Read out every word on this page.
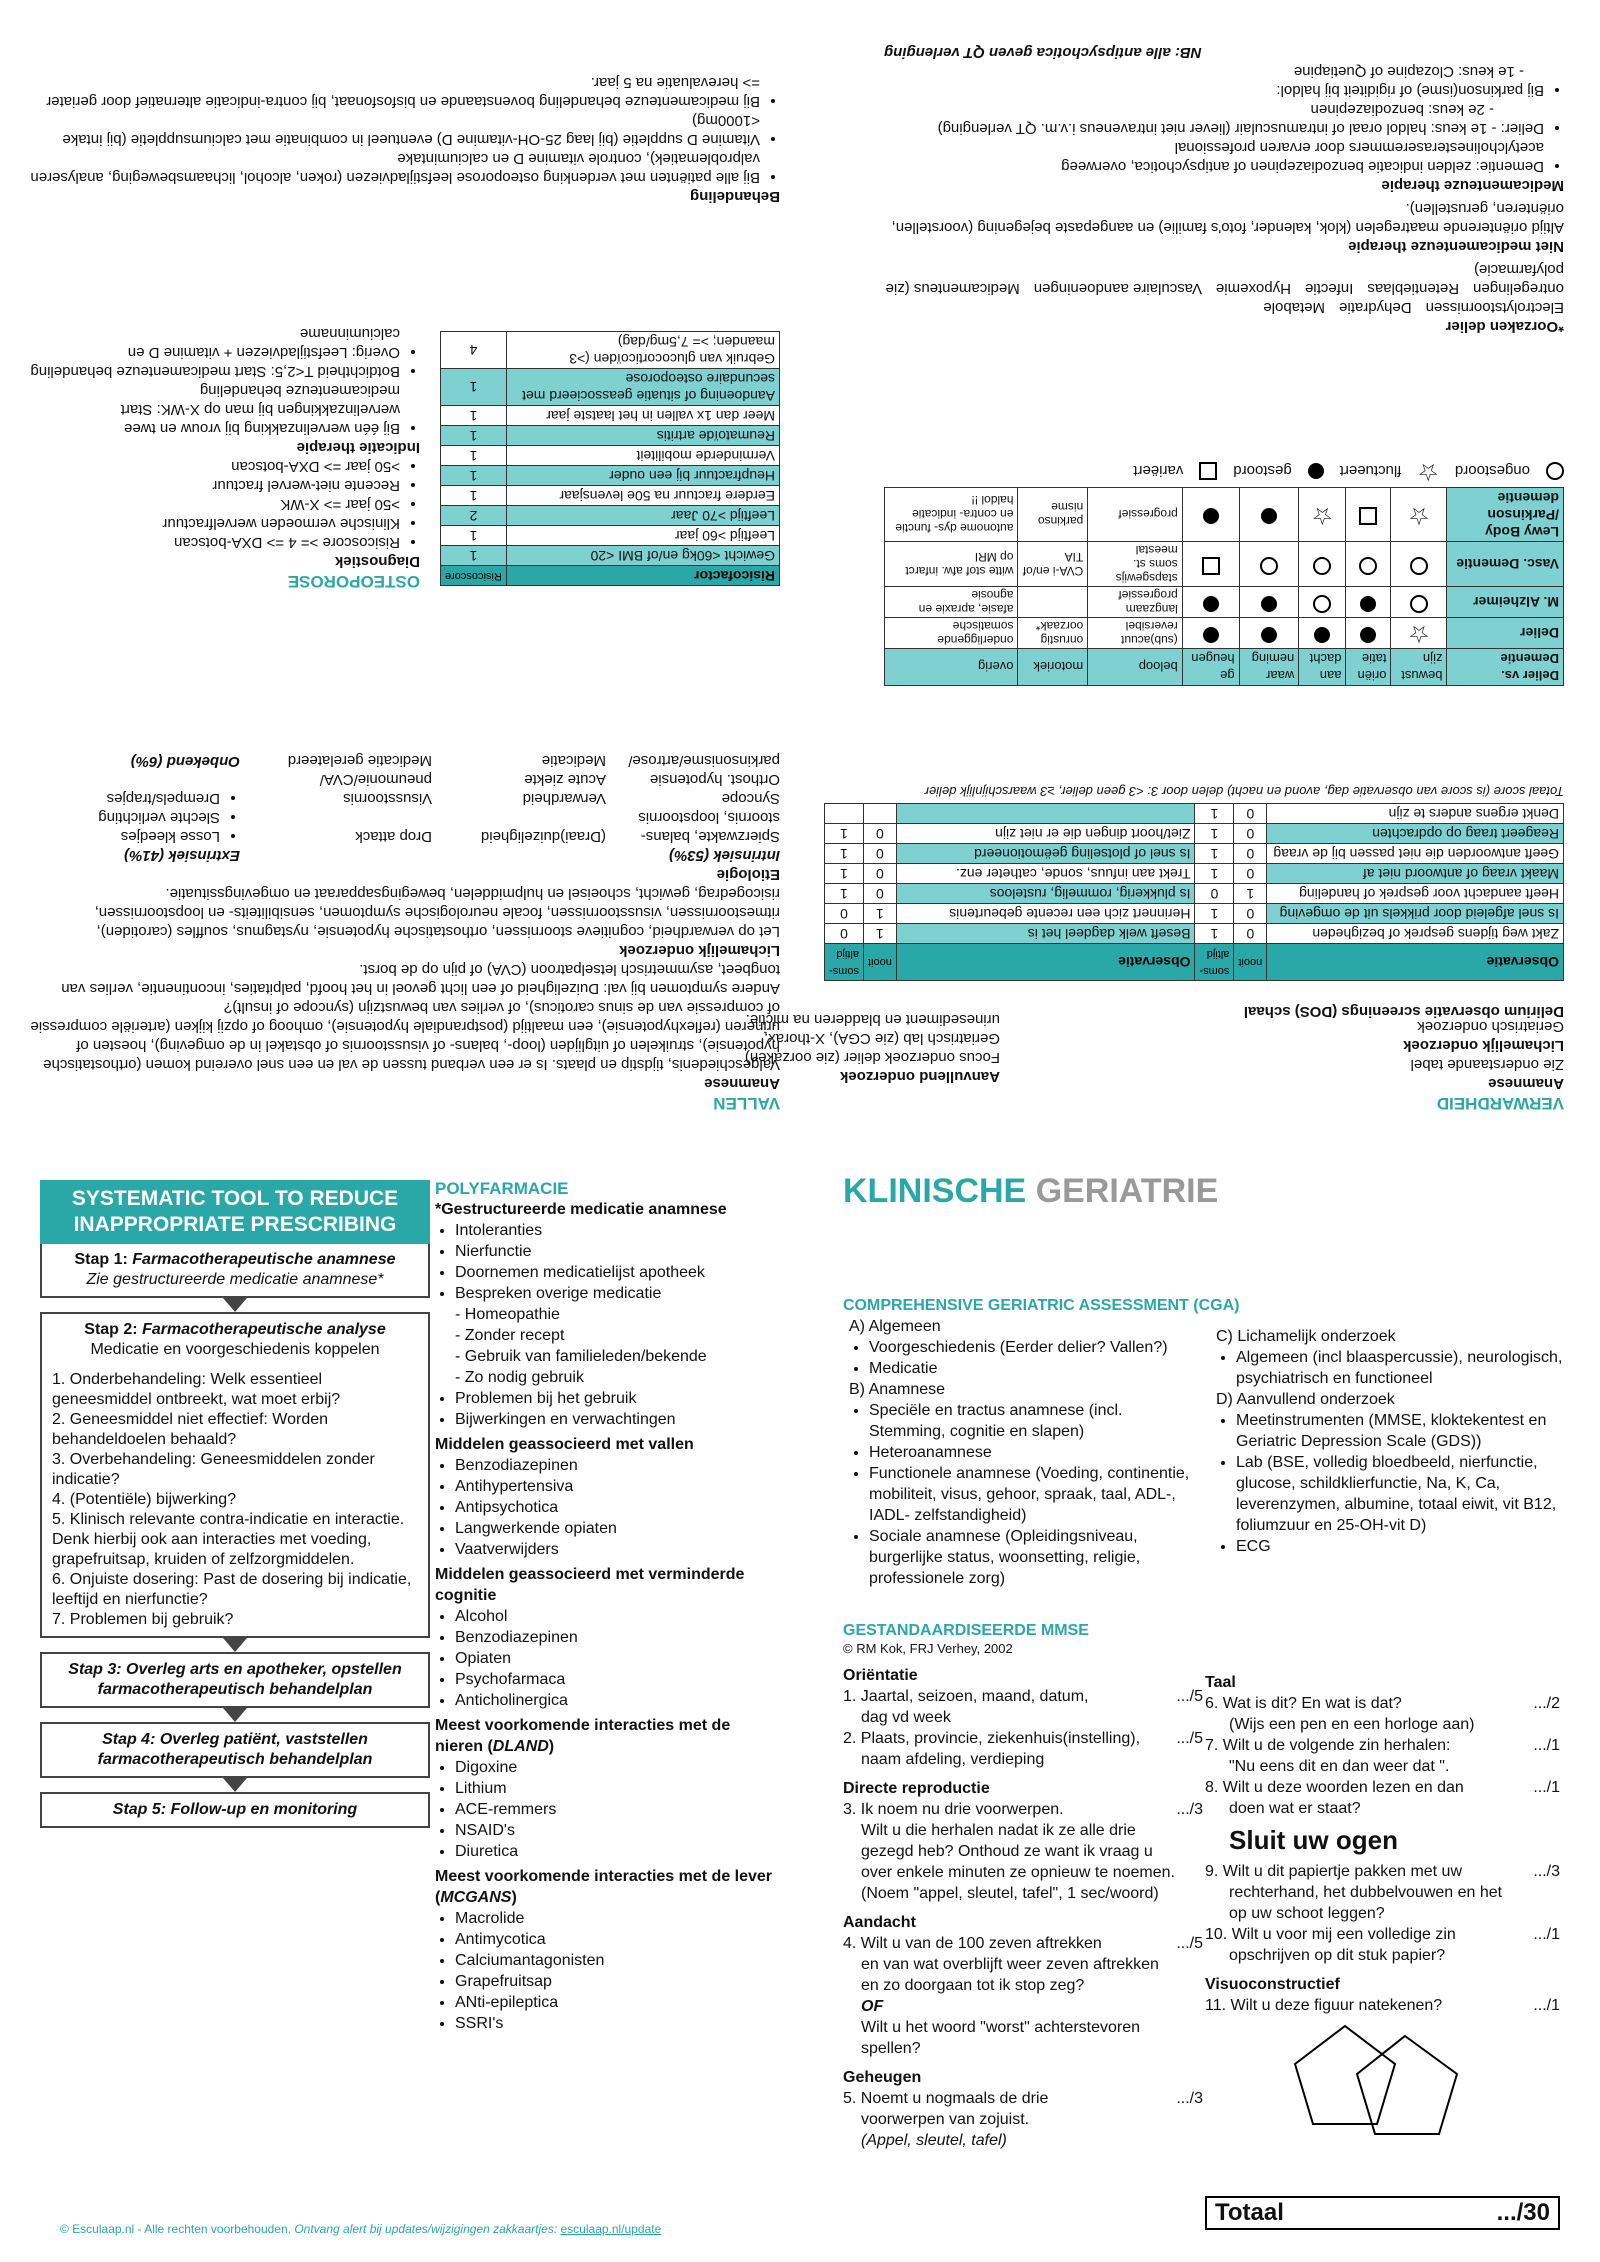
VERWARDHEID
Anamnese
Zie onderstaande tabel
Lichamelijk onderzoek
Geriatrisch onderzoek
Aanvullend onderzoek
Focus onderzoek delier (zie oorzaken)
Geriatrisch lab (zie CGA), X-thorax,
urinesediment en bladderen na mictie.	Delirium observatie screenings (DOS) schaal
Observatie	nooit	soms-altijd	Observatie	nooit	soms-altijd
Zakt weg tijdens gesprek of bezigheden	0	1	Beseft welk dagdeel het is	1	0
Is snel afgeleid door prikkels uit de omgeving	0	1	Herinnert zich een recente gebeurtenis	1	0
Heeft aandacht voor gesprek of handeling	1	0	Is plukkerig, rommelig, rusteloos	0	1
Maakt vraag of antwoord niet af	0	1	Trekt aan infuus, sonde, catheter enz.	0	1
Geeft antwoorden die niet passen bij de vraag	0	1	Is snel of plotseling geëmotioneerd	0	1
Reageert traag op opdrachten	0	1	Ziet/hoort dingen die er niet zijn	0	1
Denkt ergens anders te zijn	0	1			
Totaal score (is score van observatie dag, avond en nacht) delen door 3: <3 geen delier, ≥3 waarschijnlijk delier
Delier vs. Dementie	bewust zijn	oriën tatie	aan dacht	waar neming	ge heugen	beloop	motoriek	overig
Delier	☆					(sub)acuut reversibel	onrustig oorzaak*	onderliggende somatische
M. Alzheimer						langzaam progressief		afasie, apraxie en agnosie
Vasc. Dementie						stapsgewijs soms st. meestal	CVA-i en/of TIA	witte stof afw. infarct op MRI
Lewy Body /Parkinson dementie	☆		☆			progressief	parkinso nisme	autonome dys- functie en contra- indicatie haldol !!
ongestoord
☆
fluctueert
gestoord
variëert
*Oorzaken delier
ElectrolytstoornissenDehydratieMetabole ontregelingenRetentieblaasInfectieHypoxemieVasculaire aandoeningenMedicamenteus (zie polyfarmacie)
Niet medicamenteuze therapie
Altijd oriënterende maatregelen (klok, kalender, foto's familie) en aangepaste bejegening (voorstellen, oriënteren, gerustellen).
Medicamenteuze therapie
• Dementie: zelden indicatie benzodiazepinen of antipsychotica, overweeg acetylcholinesteraseremmers door ervaren professional
• Delier: - 1e keus: haldol oraal of intramusculair (liever niet intraveneus i.v.m. QT verlenging)
- 2e keus: benzodiazepinen
• Bij parkinson(isme) of rigiditeit bij haldol:
- 1e keus: Clozapine of Quetiapine
NB: alle antipsychotica geven QT verlenging
VALLEN
Anamnese
Valgeschiedenis, tijdstip en plaats. Is er een verband tussen de val en een snel overeind komen (orthostatische hypotensie), struikelen of uitglijden (loop-, balans- of visusstoornis of obstakel in de omgeving), hoesten of urineren (reflexhypotensie), een maaltijd (postprandiale hypotensie), omhoog of opzij kijken (arteriële compressie of compressie van de sinus caroticus), of verlies van bewustzijn (syncope of insult)?
Andere symptomen bij val: Duizeligheid of een licht gevoel in het hoofd, palpitaties, incontinentie, verlies van tongbeet, asymmetrisch letselpatroon (CVA) of pijn op de borst.
Lichamelijk onderzoek
Let op verwardheid, cognitieve stoornissen, orthostatische hypotensie, nystagmus, souffles (carotiden), ritmestoornissen, visusstoornissen, focale neurologische symptomen, sensibiliteits- en loopstoornissen, risicogedrag, gewicht, schoeisel en hulpmiddelen, bewegingsapparaat en omgevingssituatie.
Etiologie
Intrinsiek (53%)
Spierzwakte, balans- stoornis, loopstoornis
(Draai)duizeligheid
Drop attack
Syncope
Verwardheid
Visusstoornis
Orthost. hypotensie
Acute ziekte
pneumonie/CVA/
parkinsonisme/artrose/
Medicatie
Medicatie gerelateerd
Extrinsiek (41%)
• Losse kleedjes
• Slechte verlichting
• Drempels/trapjes
Onbekend (6%)
OSTEOPOROSE
Diagnostiek
• Risicoscore >= 4 => DXA-botscan
• Klinische vermoeden wervelfractuur
• >50 jaar => X-WK
• Recente niet-wervel fractuur
• >50 jaar => DXA-botscan
Indicatie therapie
• Bij één wervelinzakking bij vrouw en twee wervelinzakkingen bij man op X-WK: Start medicamenteuze behandeling
• Botdichtheid T<2,5: Start medicamenteuze behandeling
• Overig: Leefstijladviezen + vitamine D en calciuminname
Risicofactor	Risicoscore
Gewicht <60kg en/of BMI <20	1
Leeftijd >60 jaar	1
Leeftijd >70 Jaar	2
Eerdere fractuur na 50e levensjaar	1
Heupfractuur bij een ouder	1
Verminderde mobiliteit	1
Reumatoïde artritis	1
Meer dan 1x vallen in het laatste jaar	1
Aandoening of situatie geassocieerd met secundaire osteoporose	1
Gebruik van glucocorticoïden (>3 maanden; >= 7,5mg/dag)	4
Behandeling
• Bij alle patiënten met verdenking osteoporose leefstijladviezen (roken, alcohol, lichaamsbeweging, analyseren valproblematiek), controle vitamine D en calciumintake
• Vitamine D suppletie (bij laag 25-OH-vitamine D) eventueel in combinatie met calciumsuppletie (bij intake <1000mg)
• Bij medicamenteuze behandeling bovenstaande en bisfosfonaat, bij contra-indicatie alternatief door geriater => herevaluatie na 5 jaar.
SYSTEMATIC TOOL TO REDUCE INAPPROPRIATE PRESCRIBING
Stap 1: Farmacotherapeutische anamnese
Zie gestructureerde medicatie anamnese*
Stap 2: Farmacotherapeutische analyse
Medicatie en voorgeschiedenis koppelen
1. Onderbehandeling: Welk essentieel geneesmiddel ontbreekt, wat moet erbij?
2. Geneesmiddel niet effectief: Worden behandeldoelen behaald?
3. Overbehandeling: Geneesmiddelen zonder indicatie?
4. (Potentiële) bijwerking?
5. Klinisch relevante contra-indicatie en interactie. Denk hierbij ook aan interacties met voeding, grapefruitsap, kruiden of zelfzorgmiddelen.
6. Onjuiste dosering: Past de dosering bij indicatie, leeftijd en nierfunctie?
7. Problemen bij gebruik?
Stap 3: Overleg arts en apotheker, opstellen farmacotherapeutisch behandelplan
Stap 4: Overleg patiënt, vaststellen farmacotherapeutisch behandelplan
Stap 5: Follow-up en monitoring
POLYFARMACIE
*Gestructureerde medicatie anamnese
• Intoleranties
• Nierfunctie
• Doornemen medicatielijst apotheek
• Bespreken overige medicatie
- Homeopathie
- Zonder recept
- Gebruik van familieleden/bekende
- Zo nodig gebruik
• Problemen bij het gebruik
• Bijwerkingen en verwachtingen
Middelen geassocieerd met vallen
• Benzodiazepinen
• Antihypertensiva
• Antipsychotica
• Langwerkende opiaten
• Vaatverwijders
Middelen geassocieerd met verminderde cognitie
• Alcohol
• Benzodiazepinen
• Opiaten
• Psychofarmaca
• Anticholinergica
Meest voorkomende interacties met de nieren (DLAND)
• Digoxine
• Lithium
• ACE-remmers
• NSAID's
• Diuretica
Meest voorkomende interacties met de lever (MCGANS)
• Macrolide
• Antimycotica
• Calciumantagonisten
• Grapefruitsap
• ANti-epileptica
• SSRI's
KLINISCHE GERIATRIE
COMPREHENSIVE GERIATRIC ASSESSMENT (CGA)
A) Algemeen
• Voorgeschiedenis (Eerder delier? Vallen?)
• Medicatie
B) Anamnese
• Speciële en tractus anamnese (incl. Stemming, cognitie en slapen)
• Heteroanamnese
• Functionele anamnese (Voeding, continentie, mobiliteit, visus, gehoor, spraak, taal, ADL-, IADL- zelfstandigheid)
• Sociale anamnese (Opleidingsniveau, burgerlijke status, woonsetting, religie, professionele zorg)
C) Lichamelijk onderzoek
• Algemeen (incl blaaspercussie), neurologisch, psychiatrisch en functioneel
D) Aanvullend onderzoek
• Meetinstrumenten (MMSE, kloktekentest en Geriatric Depression Scale (GDS))
• Lab (BSE, volledig bloedbeeld, nierfunctie, glucose, schildklierfunctie, Na, K, Ca, leverenzymen, albumine, totaal eiwit, vit B12, foliumzuur en 25-OH-vit D)
• ECG
GESTANDAARDISEERDE MMSE
© RM Kok, FRJ Verhey, 2002
Oriëntatie
1. Jaartal, seizoen, maand, datum,	.../5
dag vd week
2. Plaats, provincie, ziekenhuis(instelling), .../5
naam afdeling, verdieping
Directe reproductie
3. Ik noem nu drie voorwerpen.	.../3
Wilt u die herhalen nadat ik ze alle drie gezegd heb? Onthoud ze want ik vraag u over enkele minuten ze opnieuw te noemen.
(Noem "appel, sleutel, tafel", 1 sec/woord)
Aandacht
4. Wilt u van de 100 zeven aftrekken	.../5
en van wat overblijft weer zeven aftrekken en zo doorgaan tot ik stop zeg?
OF
Wilt u het woord "worst" achterstevoren spellen?
Geheugen
5. Noemt u nogmaals de drie	.../3
voorwerpen van zojuist.
(Appel, sleutel, tafel)
Taal
6. Wat is dit? En wat is dat?	.../2
(Wijs een pen en een horloge aan)
7. Wilt u de volgende zin herhalen:	.../1
"Nu eens dit en dan weer dat ".
8. Wilt u deze woorden lezen en dan	.../1
doen wat er staat?
Sluit uw ogen
9. Wilt u dit papiertje pakken met uw	.../3
rechterhand, het dubbelvouwen en het op uw schoot leggen?
10. Wilt u voor mij een volledige zin	.../1
opschrijven op dit stuk papier?
Visuoconstructief
11. Wilt u deze figuur natekenen?	.../1
Totaal	.../30
© Esculaap.nl - Alle rechten voorbehouden. Ontvang alert bij updates/wijzigingen zakkaartjes: esculaap.nl/update
